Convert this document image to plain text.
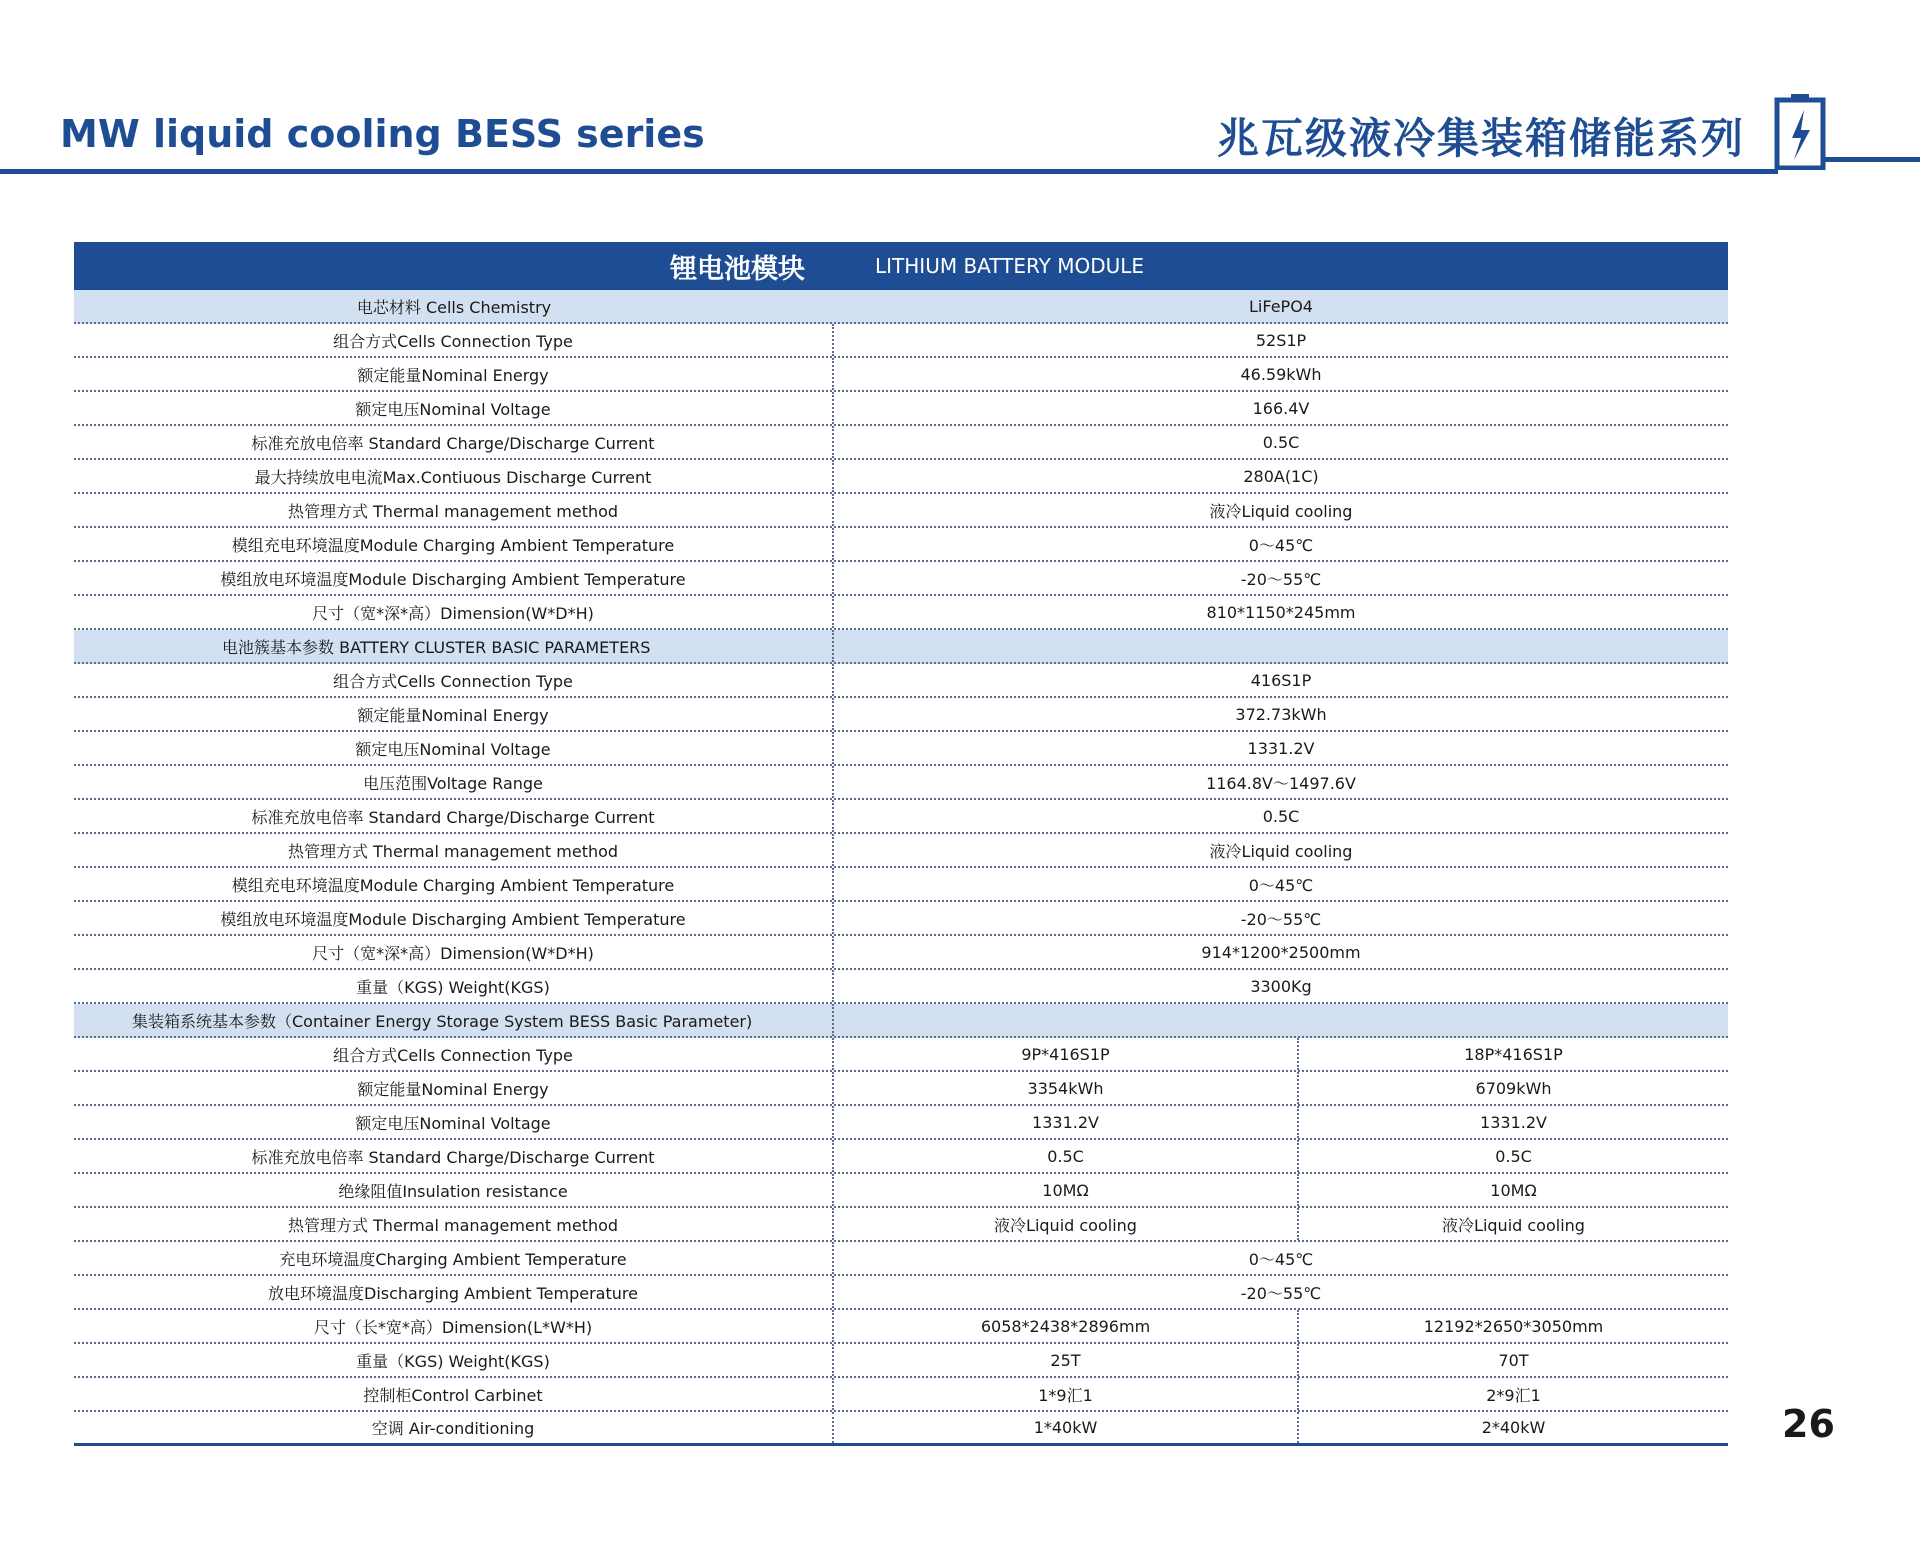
MW liquid cooling BESS series	兆瓦级液冷集装箱储能系列
锂电池模块	LITHIUM BATTERY MODULE
电芯材料 Cells Chemistry	LiFePO4
组合方式Cells Connection Type	52S1P
额定能量Nominal Energy	46.59kWh
额定电压Nominal Voltage	166.4V
标准充放电倍率 Standard Charge/Discharge Current	0.5C
最大持续放电电流Max.Contiuous Discharge Current	280A(1C)
热管理方式 Thermal management method	液冷Liquid cooling
模组充电环境温度Module Charging Ambient Temperature	0～45℃
模组放电环境温度Module Discharging Ambient Temperature	-20～55℃
尺寸（宽*深*高）Dimension(W*D*H)	810*1150*245mm
电池簇基本参数 BATTERY CLUSTER BASIC PARAMETERS
组合方式Cells Connection Type	416S1P
额定能量Nominal Energy	372.73kWh
额定电压Nominal Voltage	1331.2V
电压范围Voltage Range	1164.8V～1497.6V
标准充放电倍率 Standard Charge/Discharge Current	0.5C
热管理方式 Thermal management method	液冷Liquid cooling
模组充电环境温度Module Charging Ambient Temperature	0～45℃
模组放电环境温度Module Discharging Ambient Temperature	-20～55℃
尺寸（宽*深*高）Dimension(W*D*H)	914*1200*2500mm
重量（KGS) Weight(KGS)	3300Kg
集装箱系统基本参数（Container Energy Storage System BESS Basic Parameter)
组合方式Cells Connection Type	9P*416S1P	18P*416S1P
额定能量Nominal Energy	3354kWh	6709kWh
额定电压Nominal Voltage	1331.2V	1331.2V
标准充放电倍率 Standard Charge/Discharge Current	0.5C	0.5C
绝缘阻值Insulation resistance	10MΩ	10MΩ
热管理方式 Thermal management method	液冷Liquid cooling	液冷Liquid cooling
充电环境温度Charging Ambient Temperature	0～45℃
放电环境温度Discharging Ambient Temperature	-20～55℃
尺寸（长*宽*高）Dimension(L*W*H)	6058*2438*2896mm	12192*2650*3050mm
重量（KGS) Weight(KGS)	25T	70T
控制柜Control Carbinet	1*9汇1	2*9汇1
空调 Air-conditioning	1*40kW	2*40kW	26
